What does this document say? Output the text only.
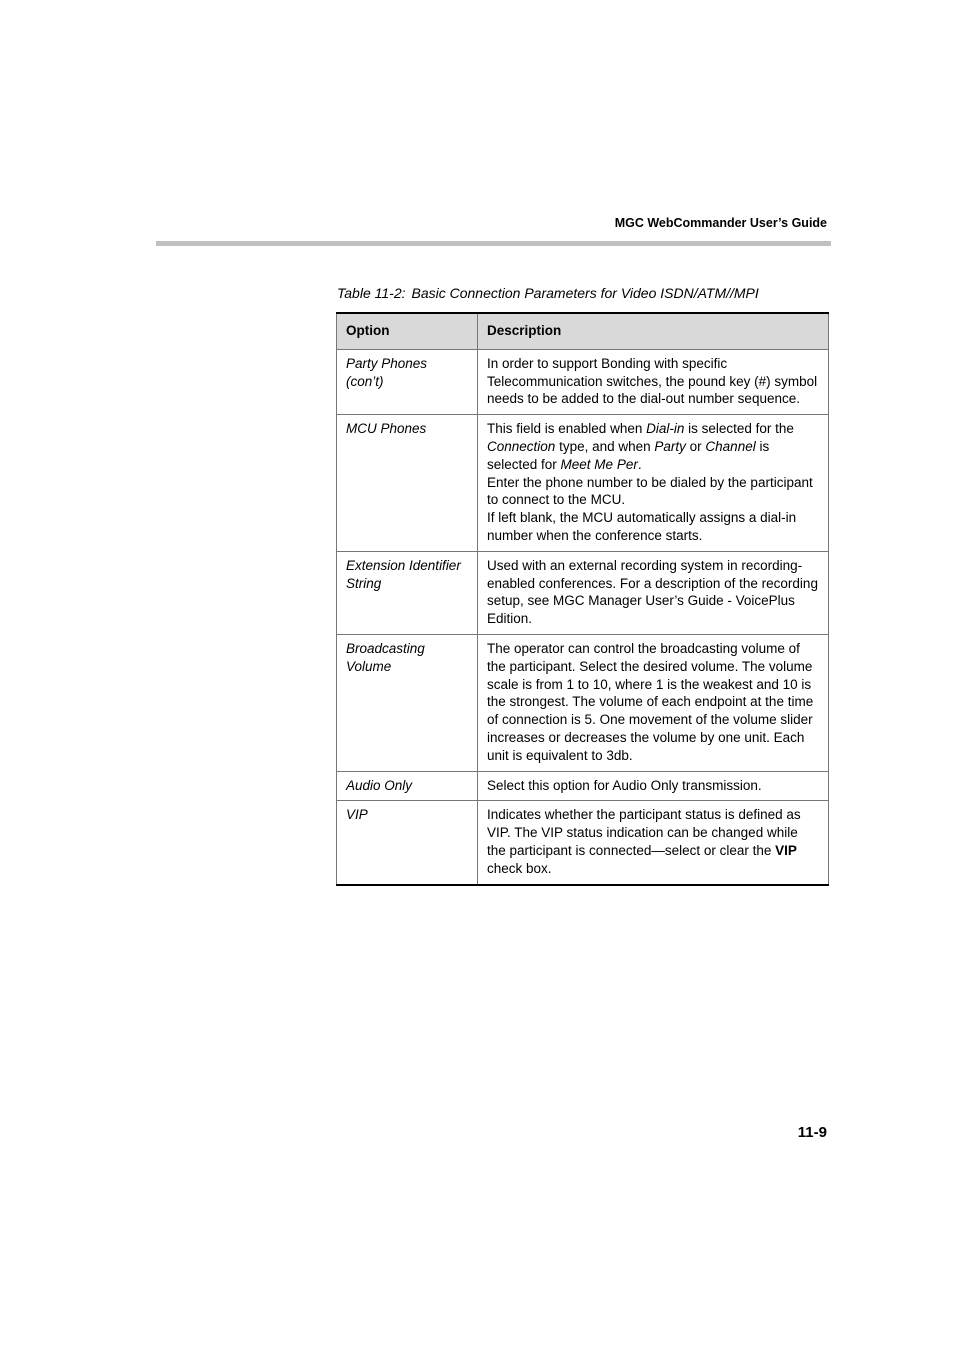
MGC WebCommander User’s Guide
Table 11-2: Basic Connection Parameters for Video ISDN/ATM//MPI
Option	Description
Party Phones (con’t)	In order to support Bonding with specific Telecommunication switches, the pound key (#) symbol needs to be added to the dial-out number sequence.
MCU Phones	This field is enabled when Dial-in is selected for the Connection type, and when Party or Channel is selected for Meet Me Per.
Enter the phone number to be dialed by the participant to connect to the MCU.
If left blank, the MCU automatically assigns a dial-in number when the conference starts.

Extension Identifier String	Used with an external recording system in recording-enabled conferences. For a description of the recording setup, see MGC Manager User’s Guide - VoicePlus Edition.
Broadcasting Volume	The operator can control the broadcasting volume of the participant. Select the desired volume. The volume scale is from 1 to 10, where 1 is the weakest and 10 is the strongest. The volume of each endpoint at the time of connection is 5. One movement of the volume slider increases or decreases the volume by one unit. Each unit is equivalent to 3db.
Audio Only	Select this option for Audio Only transmission.
VIP	Indicates whether the participant status is defined as VIP. The VIP status indication can be changed while the participant is connected—select or clear the VIP check box.
11-9
